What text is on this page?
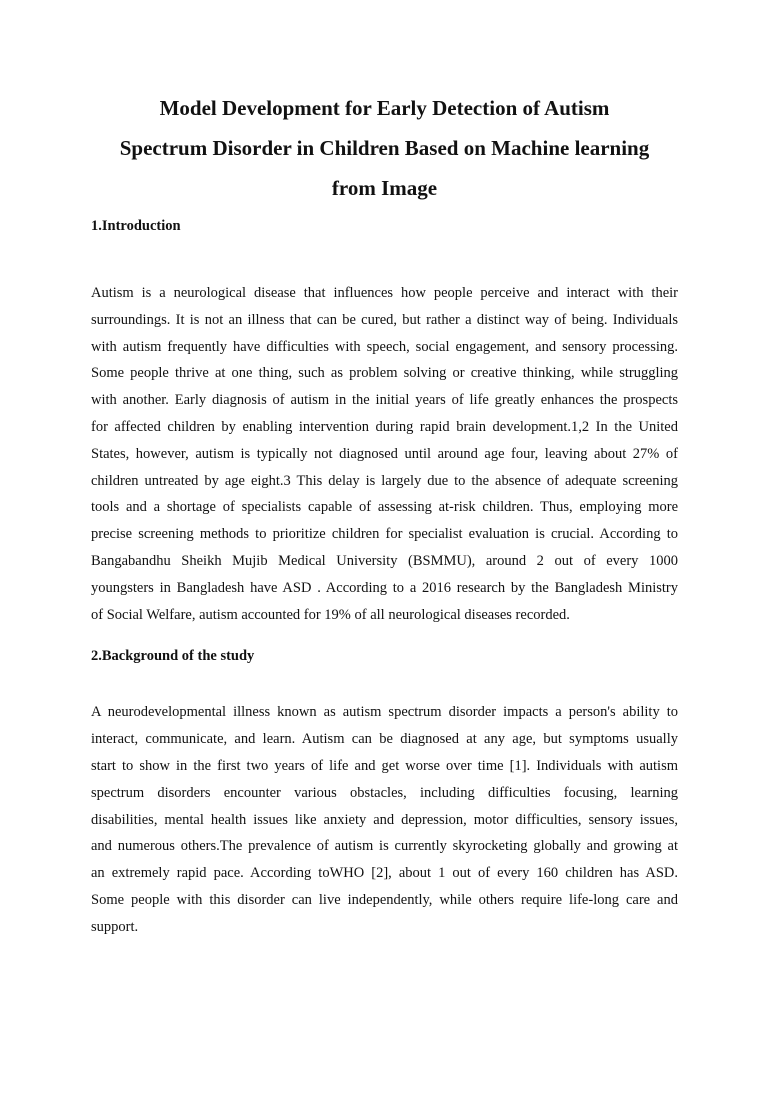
Model Development for Early Detection of Autism
Spectrum Disorder in Children Based on Machine learning
from Image
1.Introduction
Autism is a neurological disease that influences how people perceive and interact with their
surroundings. It is not an illness that can be cured, but rather a distinct way of being. Individuals
with autism frequently have difficulties with speech, social engagement, and sensory processing.
Some people thrive at one thing, such as problem solving or creative thinking, while struggling
with another. Early diagnosis of autism in the initial years of life greatly enhances the prospects
for affected children by enabling intervention during rapid brain development.1,2 In the United
States, however, autism is typically not diagnosed until around age four, leaving about 27% of
children untreated by age eight.3 This delay is largely due to the absence of adequate screening
tools and a shortage of specialists capable of assessing at-risk children. Thus, employing more
precise screening methods to prioritize children for specialist evaluation is crucial. According to
Bangabandhu Sheikh Mujib Medical University (BSMMU), around 2 out of every 1000
youngsters in Bangladesh have ASD . According to a 2016 research by the Bangladesh Ministry
of Social Welfare, autism accounted for 19% of all neurological diseases recorded.
2.Background of the study
A neurodevelopmental illness known as autism spectrum disorder impacts a person's ability to
interact, communicate, and learn. Autism can be diagnosed at any age, but symptoms usually
start to show in the first two years of life and get worse over time [1]. Individuals with autism
spectrum disorders encounter various obstacles, including difficulties focusing, learning
disabilities, mental health issues like anxiety and depression, motor difficulties, sensory issues,
and numerous others.The prevalence of autism is currently skyrocketing globally and growing at
an extremely rapid pace. According toWHO [2], about 1 out of every 160 children has ASD.
Some people with this disorder can live independently, while others require life-long care and
support.
